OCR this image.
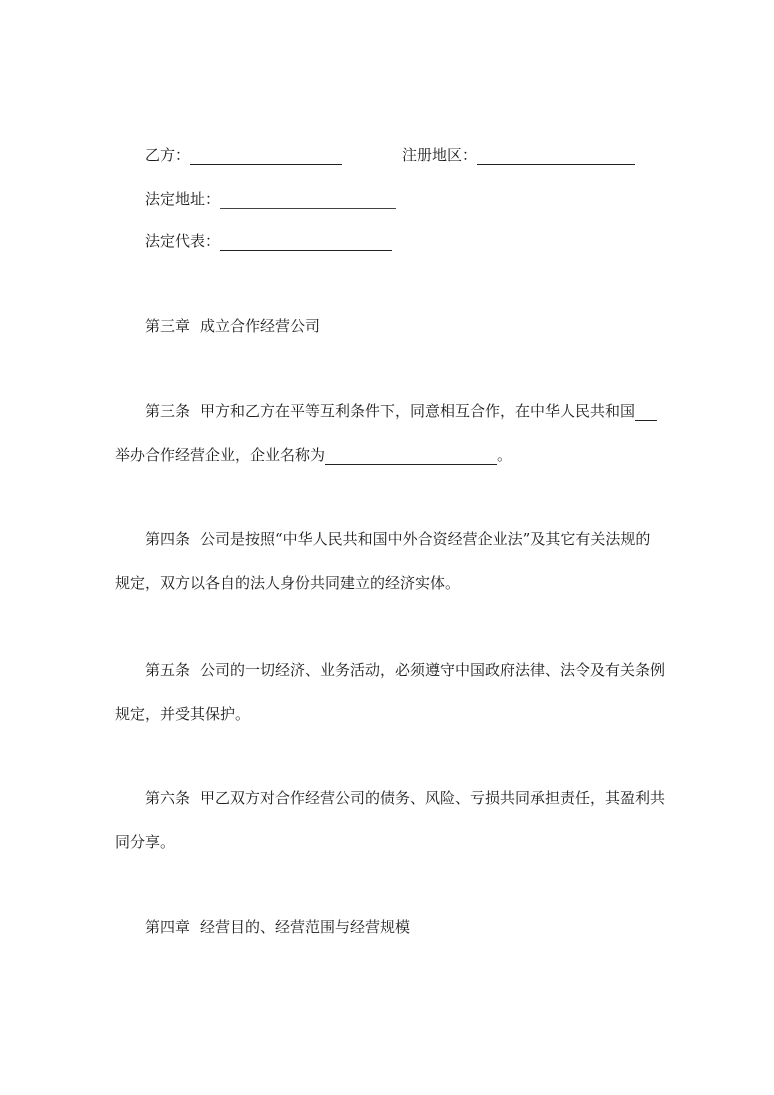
乙方：	注册地区：
法定地址：
法定代表：
第三章 成立合作经营公司
第三条 甲方和乙方在平等互利条件下，同意相互合作，在中华人民共和国
举办合作经营企业，企业名称为	。
第四条 公司是按照“中华人民共和国中外合资经营企业法”及其它有关法规的
规定，双方以各自的法人身份共同建立的经济实体。
第五条 公司的一切经济、业务活动，必须遵守中国政府法律、法令及有关条例
规定，并受其保护。
第六条 甲乙双方对合作经营公司的债务、风险、亏损共同承担责任，其盈利共
同分享。
第四章 经营目的、经营范围与经营规模
